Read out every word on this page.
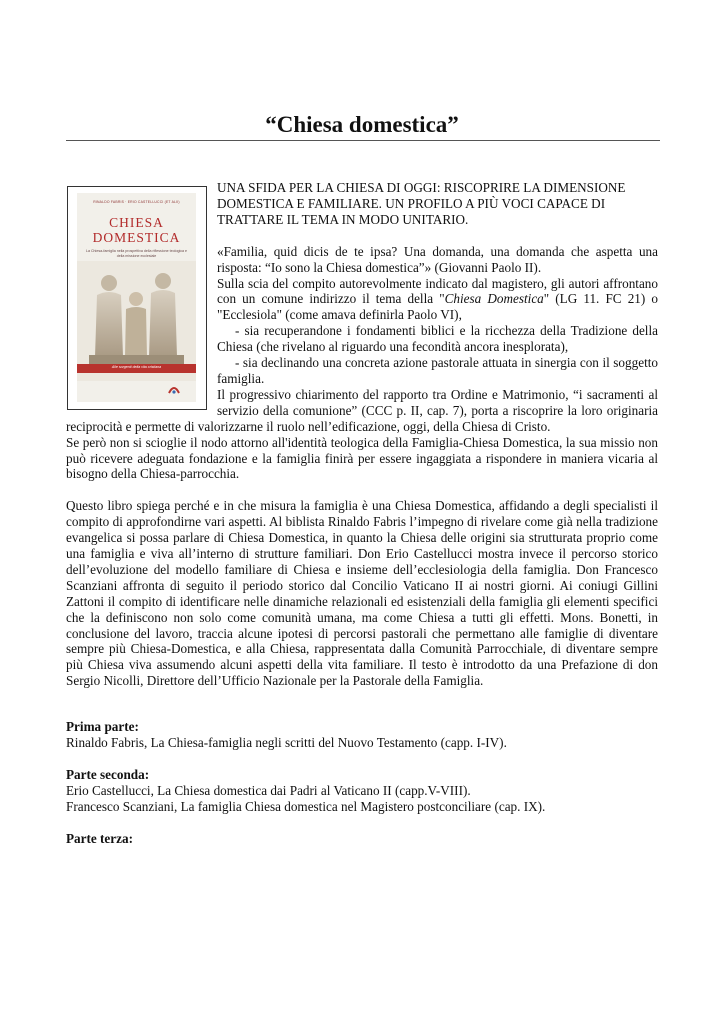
“Chiesa domestica”
RINALDO FABRIS · ERIO CASTELLUCCI (ET ALII)
CHIESA
DOMESTICA
La Chiesa-famiglia nella prospettiva della riflessione teologica e della missione ecclesiale
Alle sorgenti della vita cristiana

UNA SFIDA PER LA CHIESA DI OGGI: RISCOPRIRE LA DIMENSIONE DOMESTICA E FAMILIARE. UN PROFILO A PIÙ VOCI CAPACE DI TRATTARE IL TEMA IN MODO UNITARIO.

«Familia, quid dicis de te ipsa? Una domanda, una domanda che aspetta una risposta: “Io sono la Chiesa domestica”» (Giovanni Paolo II).

Sulla scia del compito autorevolmente indicato dal magistero, gli autori affrontano con un comune indirizzo il tema della "Chiesa Domestica" (LG 11. FC 21) o "Ecclesiola" (come amava definirla Paolo VI),

- sia recuperandone i fondamenti biblici e la ricchezza della Tradizione della Chiesa (che rivelano al riguardo una fecondità ancora inesplorata),

- sia declinando una concreta azione pastorale attuata in sinergia con il soggetto famiglia.

Il progressivo chiarimento del rapporto tra Ordine e Matrimonio, “i sacramenti al servizio della comunione” (CCC p. II, cap. 7), porta a riscoprire la loro originaria reciprocità e permette di valorizzarne il ruolo nell’edificazione, oggi, della Chiesa di Cristo.

Se però non si scioglie il nodo attorno all'identità teologica della Famiglia-Chiesa Domestica, la sua missio non può ricevere adeguata fondazione e la famiglia finirà per essere ingaggiata a rispondere in maniera vicaria al bisogno della Chiesa-parrocchia.

Questo libro spiega perché e in che misura la famiglia è una Chiesa Domestica, affidando a degli specialisti il compito di approfondirne vari aspetti. Al biblista Rinaldo Fabris l’impegno di rivelare come già nella tradizione evangelica si possa parlare di Chiesa Domestica, in quanto la Chiesa delle origini sia strutturata proprio come una famiglia e viva all’interno di strutture familiari. Don Erio Castellucci mostra invece il percorso storico dell’evoluzione del modello familiare di Chiesa e insieme dell’ecclesiologia della famiglia. Don Francesco Scanziani affronta di seguito il periodo storico dal Concilio Vaticano II ai nostri giorni. Ai coniugi Gillini Zattoni il compito di identificare nelle dinamiche relazionali ed esistenziali della famiglia gli elementi specifici che la definiscono non solo come comunità umana, ma come Chiesa a tutti gli effetti. Mons. Bonetti, in conclusione del lavoro, traccia alcune ipotesi di percorsi pastorali che permettano alle famiglie di diventare sempre più Chiesa-Domestica, e alla Chiesa, rappresentata dalla Comunità Parrocchiale, di diventare sempre più Chiesa viva assumendo alcuni aspetti della vita familiare. Il testo è introdotto da una Prefazione di don Sergio Nicolli, Direttore dell’Ufficio Nazionale per la Pastorale della Famiglia.

Prima parte:

Rinaldo Fabris, La Chiesa-famiglia negli scritti del Nuovo Testamento (capp. I-IV).

Parte seconda:

Erio Castellucci, La Chiesa domestica dai Padri al Vaticano II (capp.V-VIII).

Francesco Scanziani, La famiglia Chiesa domestica nel Magistero postconciliare (cap. IX).

Parte terza:
